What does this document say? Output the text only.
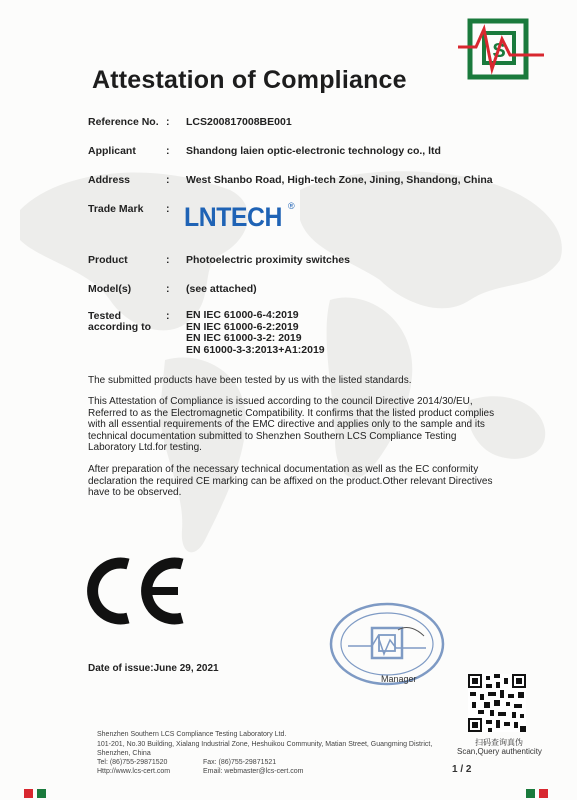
S
Attestation of Compliance
Reference No. : LCS200817008BE001
Applicant	: Shandong laien optic-electronic technology co., ltd
Address	: West Shanbo Road, High-tech Zone, Jining, Shandong, China
Trade Mark : LNTECH ®
Product	: Photoelectric proximity switches
Model(s)	: (see attached)
Tested
according to
: EN IEC 61000-6-4:2019
EN IEC 61000-6-2:2019
EN IEC 61000-3-2: 2019
EN 61000-3-3:2013+A1:2019
The submitted products have been tested by us with the listed standards.
This Attestation of Compliance is issued according to the council Directive 2014/30/EU,
Referred to as the Electromagnetic Compatibility. It confirms that the listed product complies
with all essential requirements of the EMC directive and applies only to the sample and its
technical documentation submitted to Shenzhen Southern LCS Compliance Testing
Laboratory Ltd.for testing.
After preparation of the necessary technical documentation as well as the EC conformity
declaration the required CE marking can be affixed on the product.Other relevant Directives
have to be observed.
Date of issue:June 29, 2021
Manager
扫码查询真伪
Scan,Query authenticity
Shenzhen Southern LCS Compliance Testing Laboratory Ltd.
101-201, No.30 Building, Xialang Industrial Zone, Heshuikou Community, Matian Street, Guangming District,
Shenzhen, China
Tel: (86)755-29871520	Fax: (86)755-29871521
Http://www.lcs-cert.com	Email: webmaster@lcs-cert.com	1 / 2
